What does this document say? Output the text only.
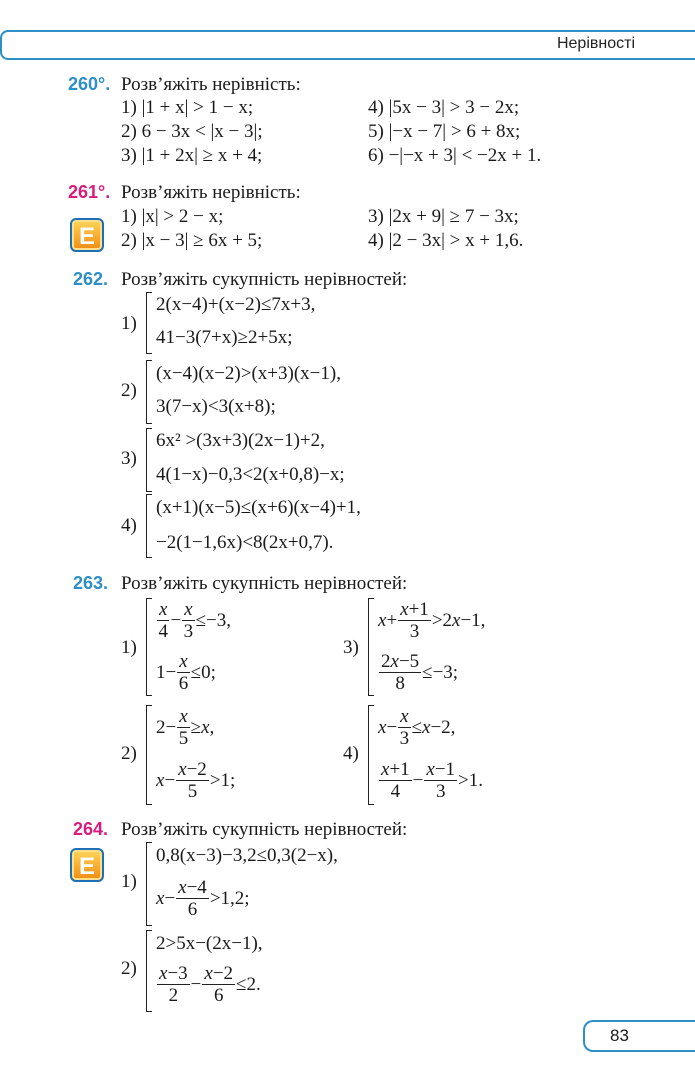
Нерівності
260°. Розв’яжіть нерівність:
1) |1 + x| > 1 − x;	4) |5x − 3| > 3 − 2x;
2) 6 − 3x < |x − 3|;	5) |−x − 7| > 6 + 8x;
3) |1 + 2x| ≥ x + 4;	6) −|−x + 3| < −2x + 1.
261°. Розв’яжіть нерівність:
E
1) |x| > 2 − x;	3) |2x + 9| ≥ 7 − 3x;
2) |x − 3| ≥ 6x + 5;	4) |2 − 3x| > x + 1,6.
262. Розв’яжіть сукупність нерівностей:
1)
2(x−4)+(x−2)≤7x+3,
41−3(7+x)≥2+5x;
2)
(x−4)(x−2)>(x+3)(x−1),
3(7−x)<3(x+8);
3)
6x² >(3x+3)(2x−1)+2,
4(1−x)−0,3<2(x+0,8)−x;
4)
(x+1)(x−5)≤(x+6)(x−4)+1,
−2(1−1,6x)<8(2x+0,7).
263. Розв’яжіть сукупність нерівностей:
1)
$\frac{x}{4} - \frac{x}{3} \le-3$,
$1- \frac{x}{6} \le 0$;
2)
$2- \frac{x}{5} \ge x$,
$x- \frac{x-2}{5} >1$;
3)
$x+ \frac{x+1}{3} >2x-1$,
$\frac{2x-5}{8} \le-3$;
4)
$x- \frac{x}{3} \le x-2$,
$\frac{x+1}{4} - \frac{x-1}{3} >1$.
264. Розв’яжіть сукупність нерівностей:
E
1)
0,8(x−3)−3,2≤0,3(2−x),
$x- \frac{x-4}{6} >1,2$;
2)
2>5x−(2x−1),
$\frac{x-3}{2} - \frac{x-2}{6} \le 2$.
83
